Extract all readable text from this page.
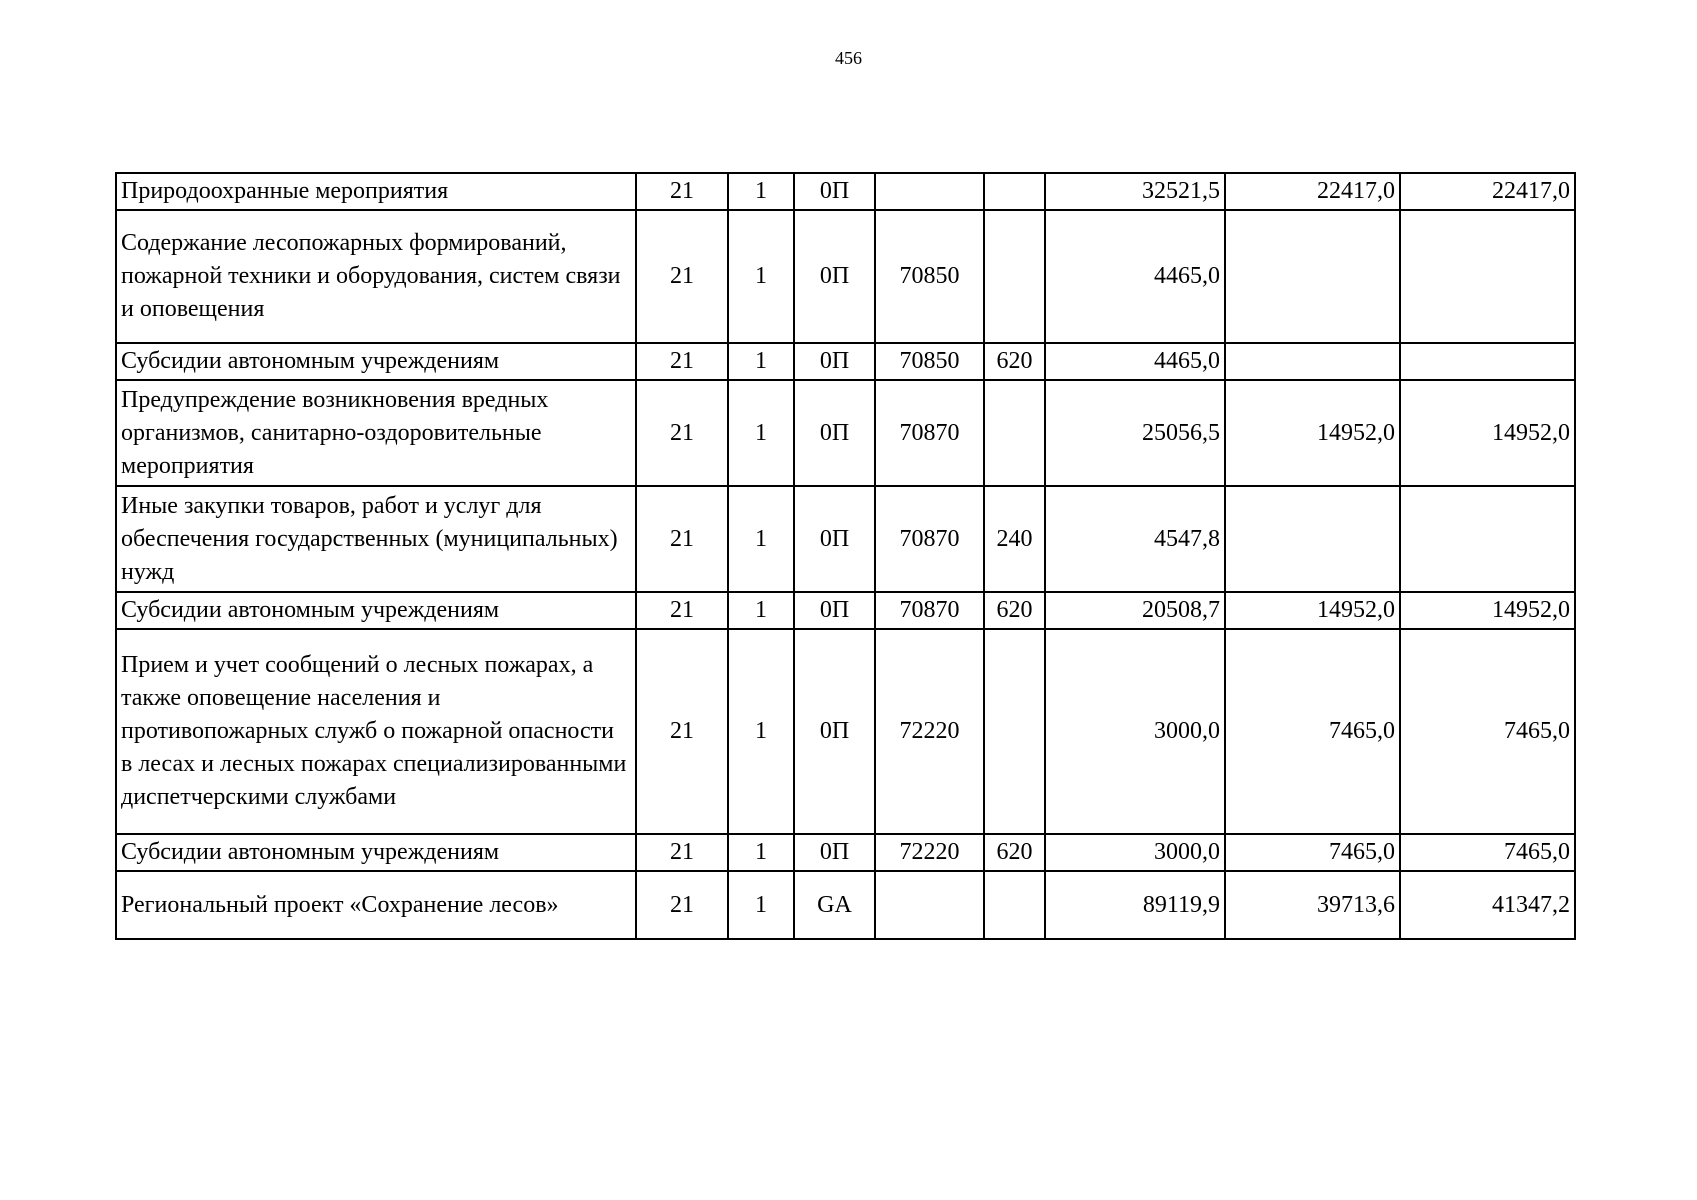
456
Природоохранные мероприятия	21	1	0П			32521,5	22417,0	22417,0
Содержание лесопожарных формирований, пожарной техники и оборудования, систем связи и оповещения	21	1	0П	70850		4465,0		
Субсидии автономным учреждениям	21	1	0П	70850	620	4465,0		
Предупреждение возникновения вредных организмов, санитарно-оздоровительные мероприятия	21	1	0П	70870		25056,5	14952,0	14952,0
Иные закупки товаров, работ и услуг для обеспечения государственных (муниципальных) нужд	21	1	0П	70870	240	4547,8		
Субсидии автономным учреждениям	21	1	0П	70870	620	20508,7	14952,0	14952,0
Прием и учет сообщений о лесных пожарах, а также оповещение населения и противопожарных служб о пожарной опасности в лесах и лесных пожарах специализированными диспетчерскими службами	21	1	0П	72220		3000,0	7465,0	7465,0
Субсидии автономным учреждениям	21	1	0П	72220	620	3000,0	7465,0	7465,0
Региональный проект «Сохранение лесов»	21	1	GA			89119,9	39713,6	41347,2
